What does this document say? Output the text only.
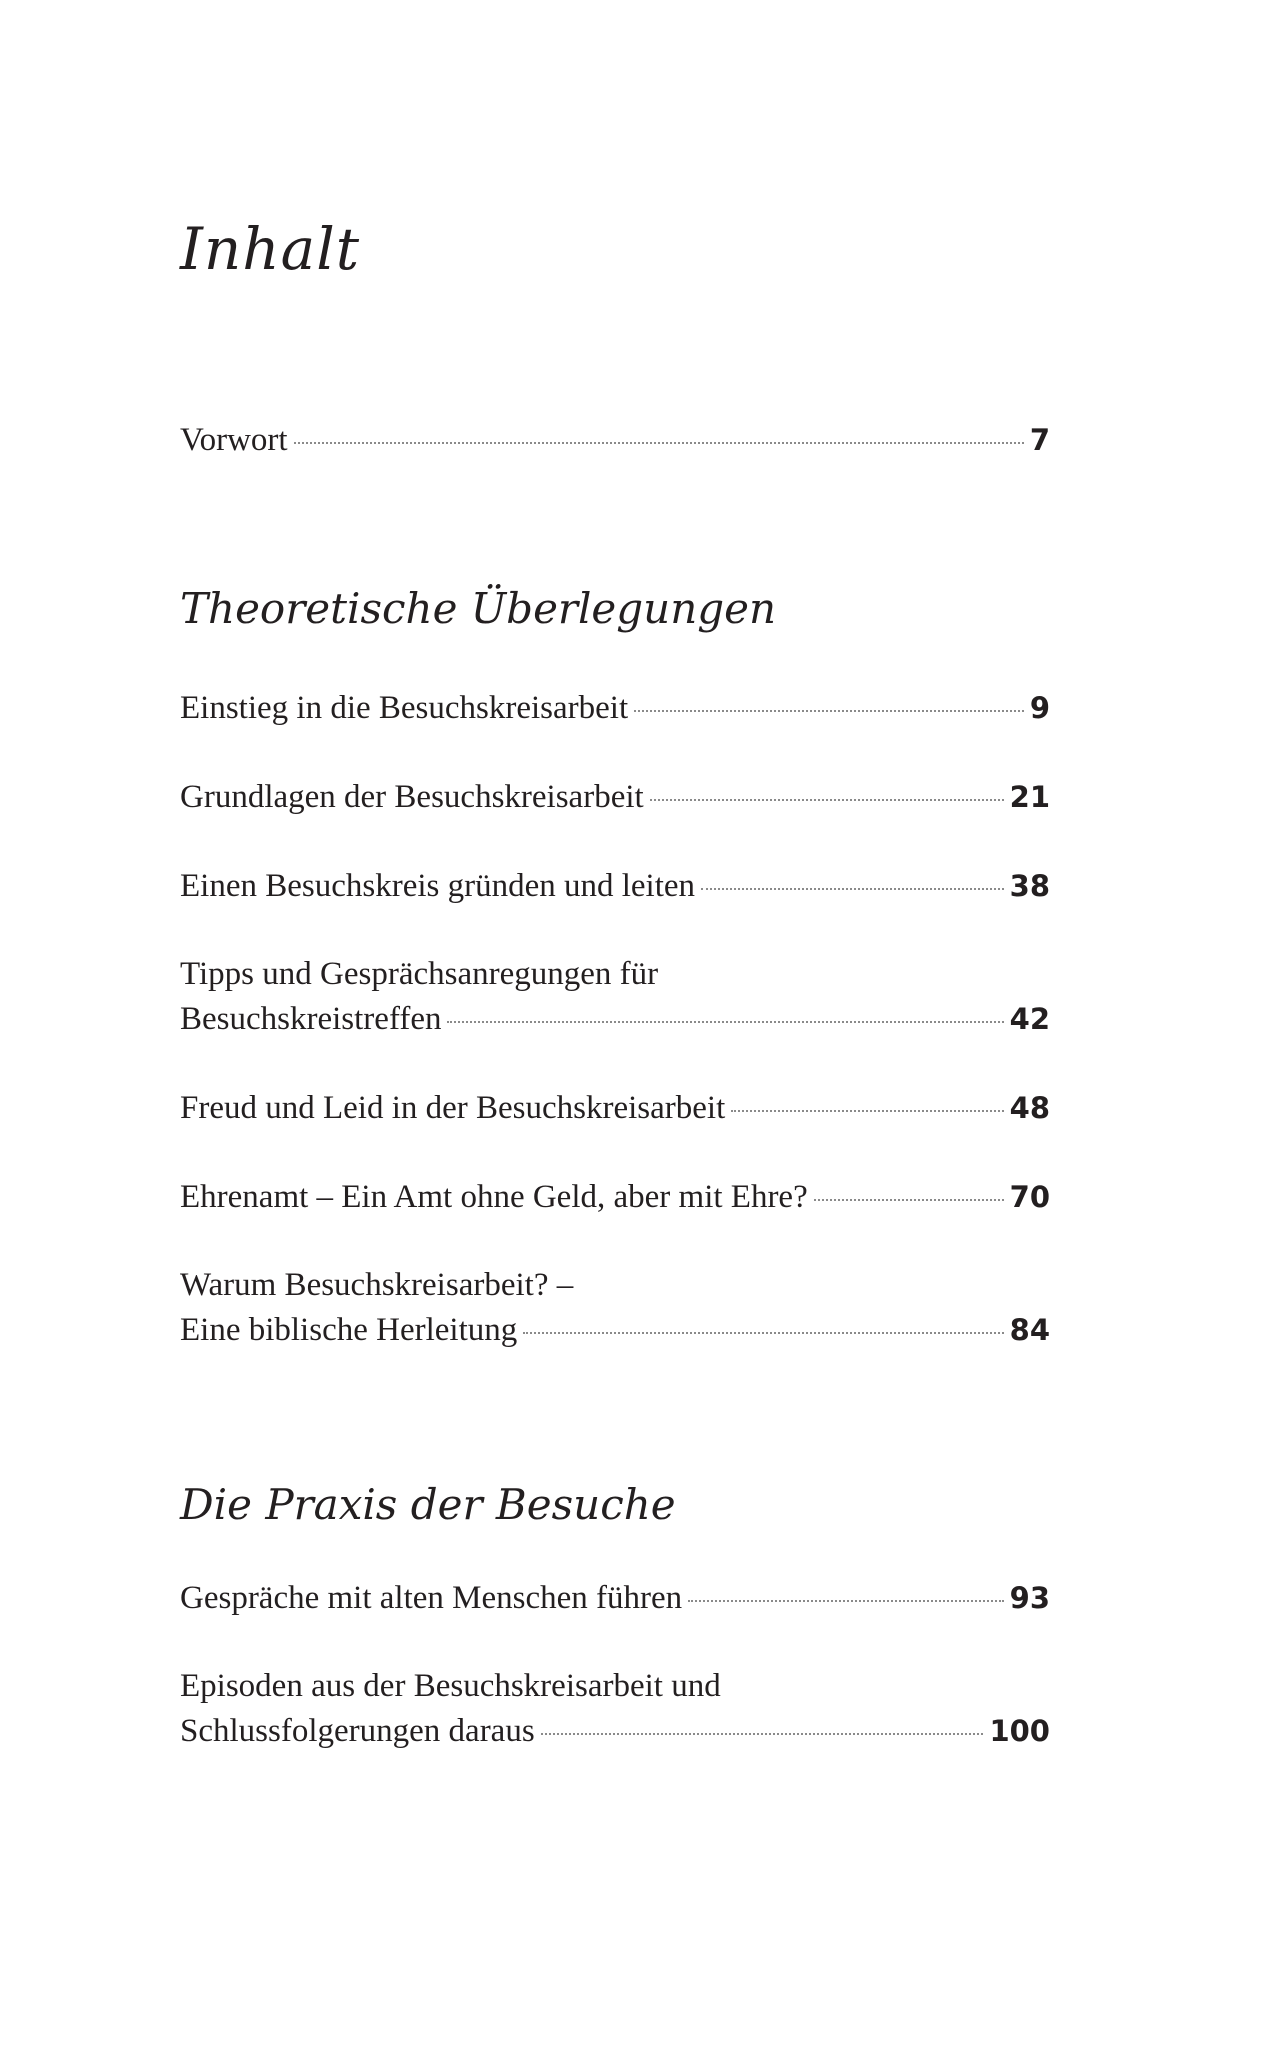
Inhalt
Vorwort	7
Theoretische Überlegungen
Einstieg in die Besuchskreisarbeit	9
Grundlagen der Besuchskreisarbeit	21
Einen Besuchskreis gründen und leiten	38
Tipps und Gesprächsanregungen für
Besuchskreistreffen	42
Freud und Leid in der Besuchskreisarbeit	48
Ehrenamt – Ein Amt ohne Geld, aber mit Ehre?	70
Warum Besuchskreisarbeit? –
Eine biblische Herleitung	84
Die Praxis der Besuche
Gespräche mit alten Menschen führen	93
Episoden aus der Besuchskreisarbeit und
Schlussfolgerungen daraus	100
